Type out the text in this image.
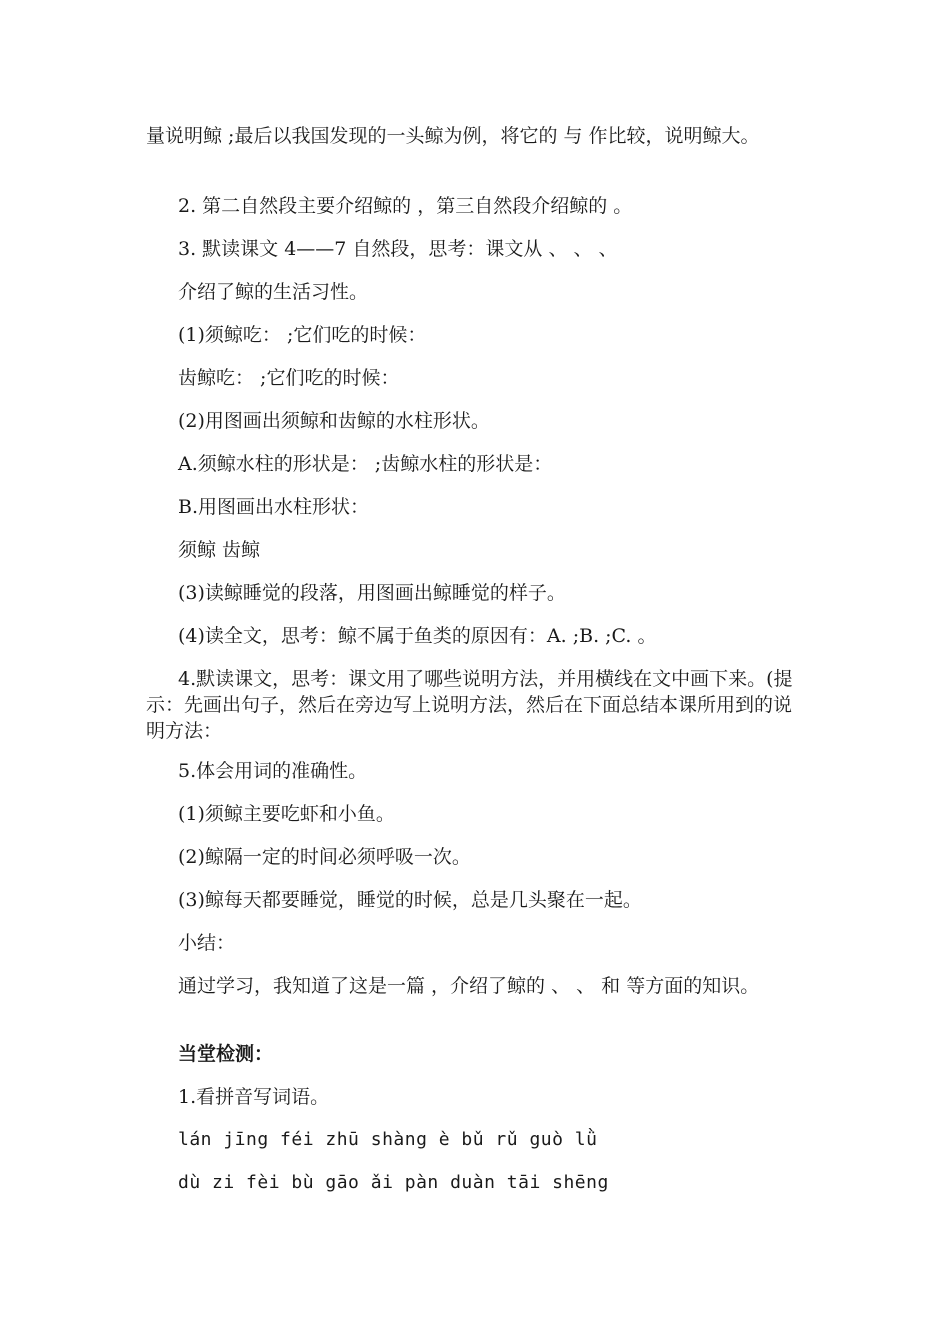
量说明鲸 ;最后以我国发现的一头鲸为例，将它的 与 作比较，说明鲸大。
2. 第二自然段主要介绍鲸的 ，第三自然段介绍鲸的 。
3. 默读课文 4——7 自然段，思考：课文从 、 、 、
介绍了鲸的生活习性。
(1)须鲸吃： ;它们吃的时候：
齿鲸吃： ;它们吃的时候：
(2)用图画出须鲸和齿鲸的水柱形状。
A.须鲸水柱的形状是： ;齿鲸水柱的形状是：
B.用图画出水柱形状：
须鲸 齿鲸
(3)读鲸睡觉的段落，用图画出鲸睡觉的样子。
(4)读全文，思考：鲸不属于鱼类的原因有：A. ;B. ;C. 。
4.默读课文，思考：课文用了哪些说明方法，并用横线在文中画下来。(提示：先画出句子，然后在旁边写上说明方法，然后在下面总结本课所用到的说明方法：
5.体会用词的准确性。
(1)须鲸主要吃虾和小鱼。
(2)鲸隔一定的时间必须呼吸一次。
(3)鲸每天都要睡觉，睡觉的时候，总是几头聚在一起。
小结：
通过学习，我知道了这是一篇 ，介绍了鲸的 、 、 和 等方面的知识。
当堂检测：
1.看拼音写词语。
lán jīng féi zhū shàng è bǔ rǔ guò lǜ
dù zi fèi bù gāo ǎi pàn duàn tāi shēng
